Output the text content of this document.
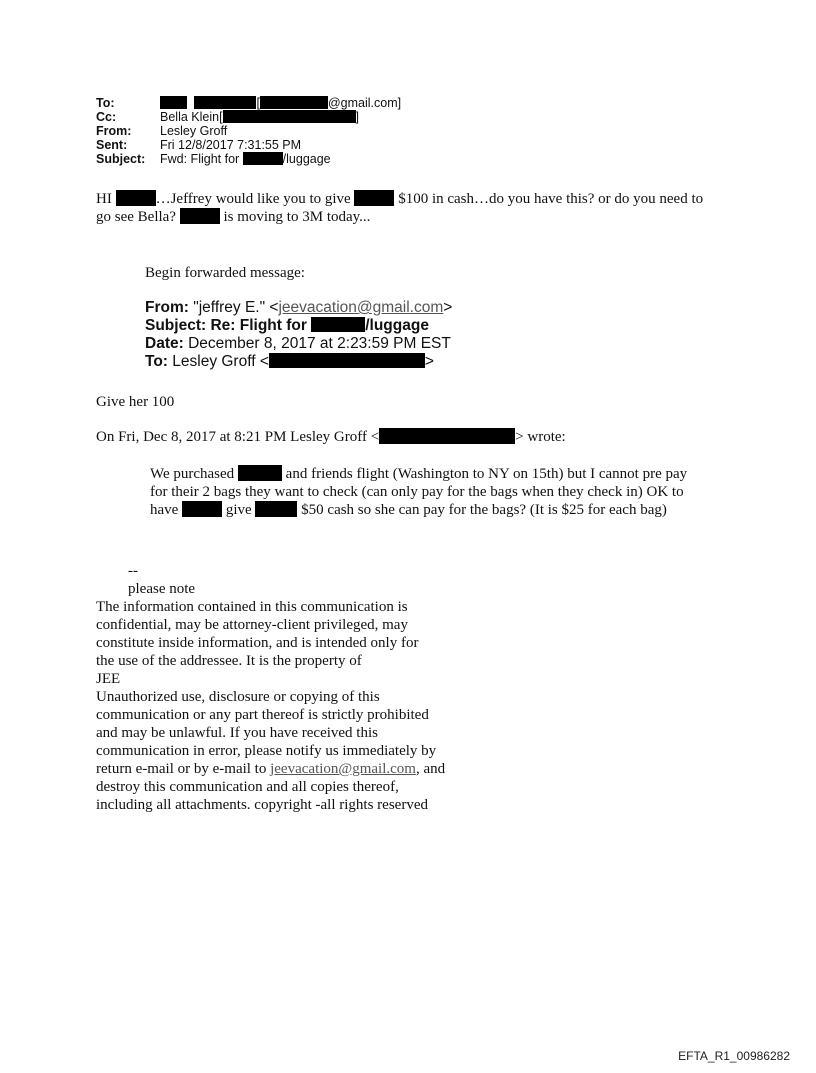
To:	[	@gmail.com]
Cc:	Bella Klein[	]
From:	Lesley Groff
Sent:	Fri 12/8/2017 7:31:55 PM
Subject:	Fwd: Flight for	/luggage
HI	…Jeffrey would like you to give	$100 in cash…do you have this? or do you need to go see Bella?	is moving to 3M today...
Begin forwarded message:
From: "jeffrey E." <jeevacation@gmail.com>
Subject: Re: Flight for	/luggage
Date: December 8, 2017 at 2:23:59 PM EST
To: Lesley Groff <	>
Give her 100
On Fri, Dec 8, 2017 at 8:21 PM Lesley Groff <	> wrote:
We purchased	and friends flight (Washington to NY on 15th) but I cannot pre pay for their 2 bags they want to check (can only pay for the bags when they check in) OK to have	give	$50 cash so she can pay for the bags? (It is $25 for each bag)
--
please note
The information contained in this communication is
confidential, may be attorney-client privileged, may
constitute inside information, and is intended only for
the use of the addressee. It is the property of
JEE
Unauthorized use, disclosure or copying of this
communication or any part thereof is strictly prohibited
and may be unlawful. If you have received this
communication in error, please notify us immediately by
return e-mail or by e-mail to jeevacation@gmail.com, and
destroy this communication and all copies thereof,
including all attachments. copyright -all rights reserved
EFTA_R1_00986282
